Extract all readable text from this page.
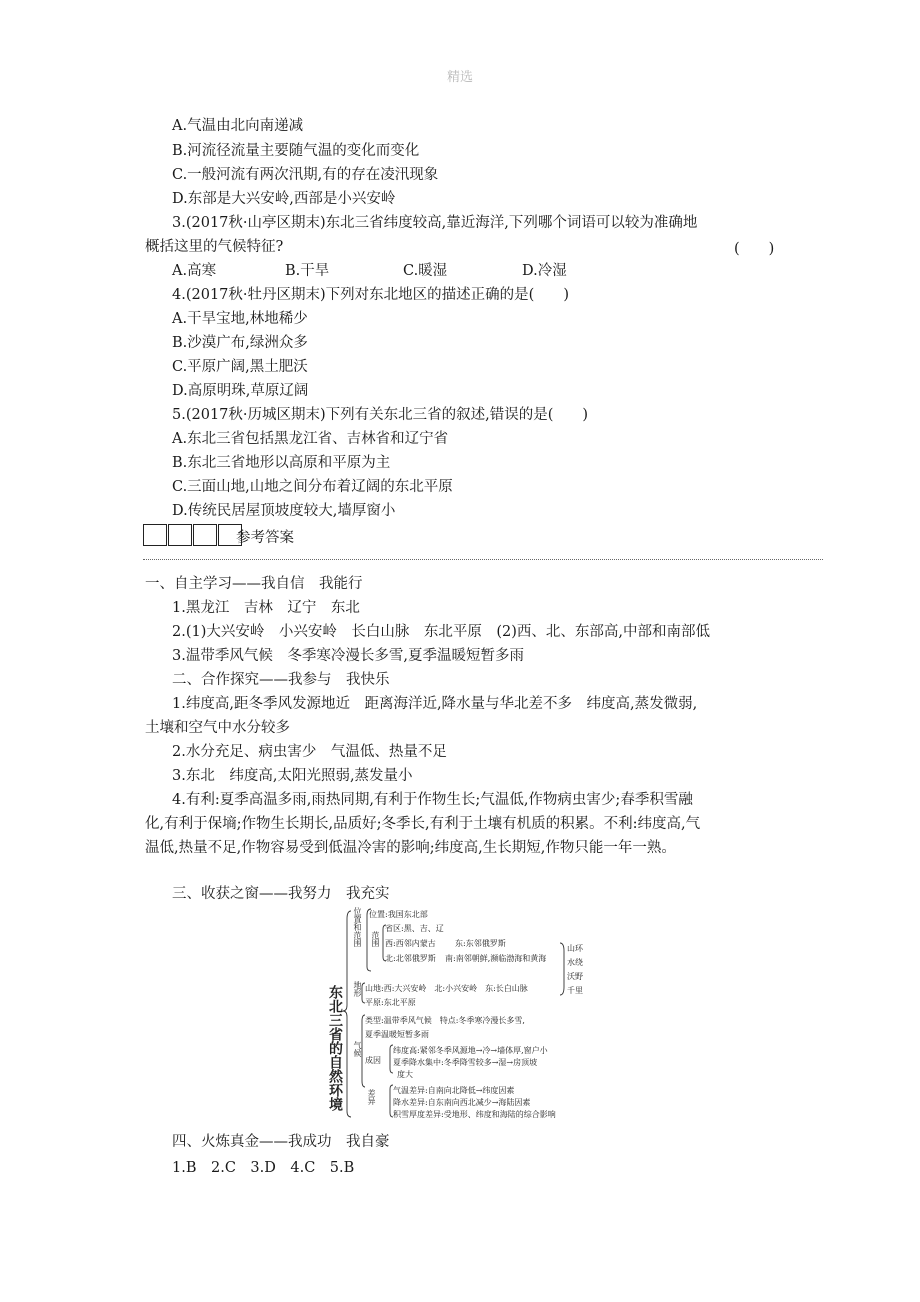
精选
A.气温由北向南递减
B.河流径流量主要随气温的变化而变化
C.一般河流有两次汛期,有的存在凌汛现象
D.东部是大兴安岭,西部是小兴安岭
3.(2017秋·山亭区期末)东北三省纬度较高,靠近海洋,下列哪个词语可以较为准确地
概括这里的气候特征?	(　　)
A.高寒	B.干旱	C.暖湿	D.冷湿
4.(2017秋·牡丹区期末)下列对东北地区的描述正确的是(　　)
A.干旱宝地,林地稀少
B.沙漠广布,绿洲众多
C.平原广阔,黑土肥沃
D.高原明珠,草原辽阔
5.(2017秋·历城区期末)下列有关东北三省的叙述,错误的是(　　)
A.东北三省包括黑龙江省、吉林省和辽宁省
B.东北三省地形以高原和平原为主
C.三面山地,山地之间分布着辽阔的东北平原
D.传统民居屋顶坡度较大,墙厚窗小
参考答案
一、自主学习——我自信　我能行
1.黑龙江　吉林　辽宁　东北
2.(1)大兴安岭　小兴安岭　长白山脉　东北平原　(2)西、北、东部高,中部和南部低
3.温带季风气候　冬季寒冷漫长多雪,夏季温暖短暂多雨
二、合作探究——我参与　我快乐
1.纬度高,距冬季风发源地近　距离海洋近,降水量与华北差不多　纬度高,蒸发微弱,
土壤和空气中水分较多
2.水分充足、病虫害少　气温低、热量不足
3.东北　纬度高,太阳光照弱,蒸发量小
4.有利:夏季高温多雨,雨热同期,有利于作物生长;气温低,作物病虫害少;春季积雪融
化,有利于保墒;作物生长期长,品质好;冬季长,有利于土壤有机质的积累。不利:纬度高,气
温低,热量不足,作物容易受到低温冷害的影响;纬度高,生长期短,作物只能一年一熟。
三、收获之窗——我努力　我充实
东北三省的自然环境
位置和范围 位置:我国东北部
范围
省区:黑、吉、辽
西:西邻内蒙古 东:东邻俄罗斯
北:北邻俄罗斯 南:南邻朝鲜,濒临渤海和黄海
地形 山地:西:大兴安岭　北:小兴安岭　东:长白山脉
平原:东北平原
山环
水绕
沃野
千里
气候
类型:温带季风气候　特点:冬季寒冷漫长多雪,
夏季温暖短暂多雨
成因
纬度高:紧邻冬季风源地→冷→墙体厚,窗户小
夏季降水集中:冬季降雪较多→湿→房顶坡
度大
差异 气温差异:自南向北降低→纬度因素
降水差异:自东南向西北减少→海陆因素
积雪厚度差异:受地形、纬度和海陆的综合影响
四、火炼真金——我成功　我自豪
1.B　2.C　3.D　4.C　5.B
